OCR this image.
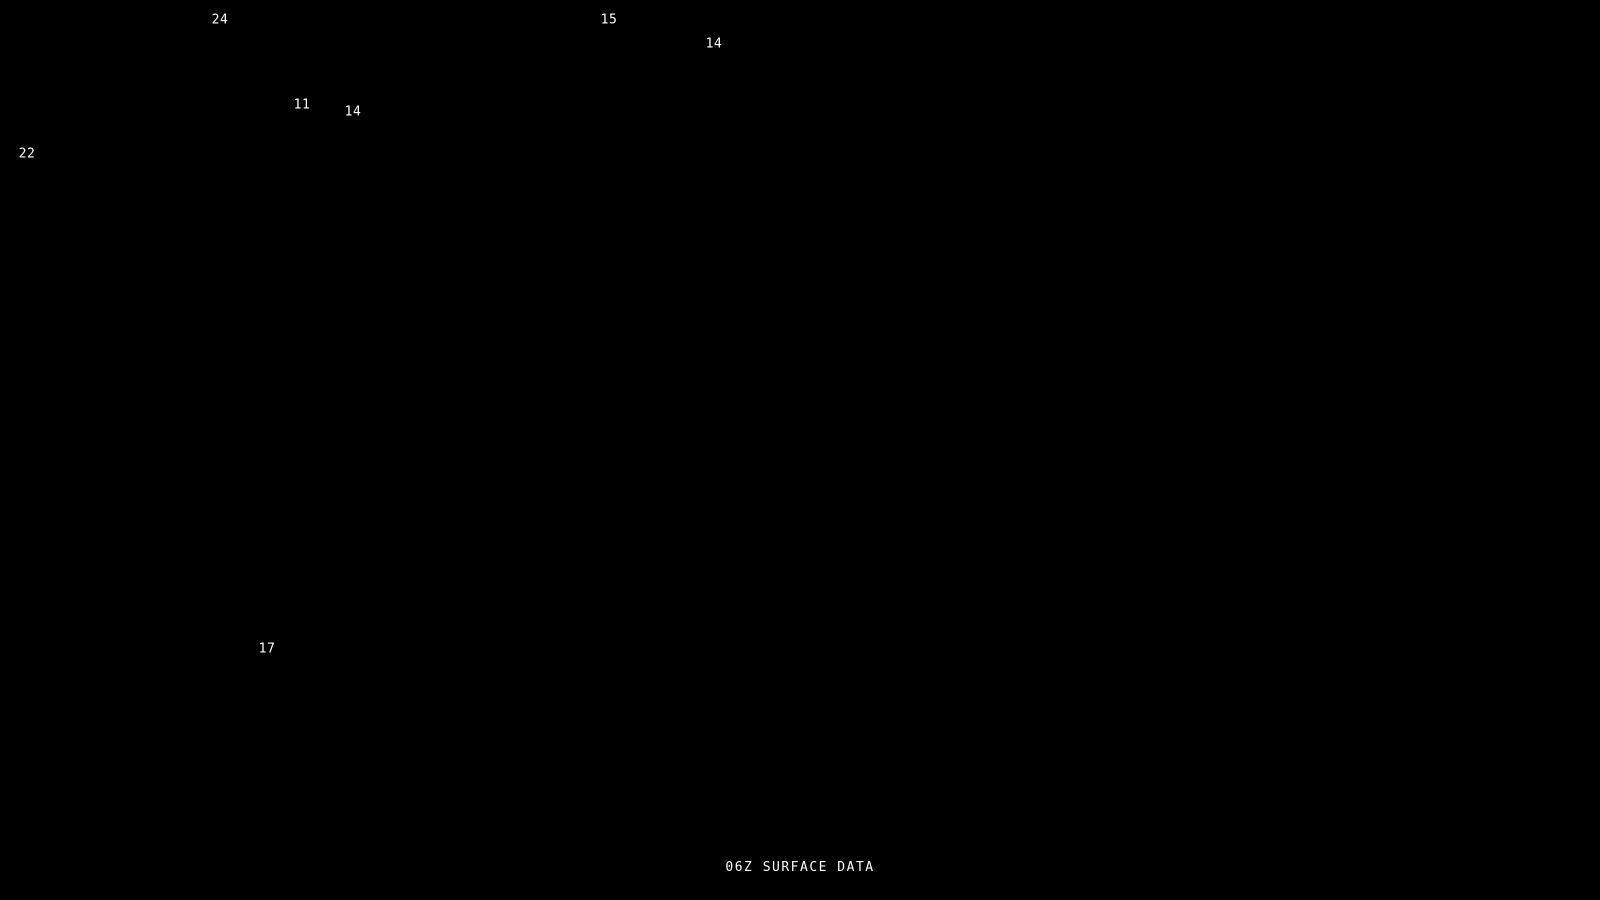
24	15
14
11	14
22
17
06Z SURFACE DATA
